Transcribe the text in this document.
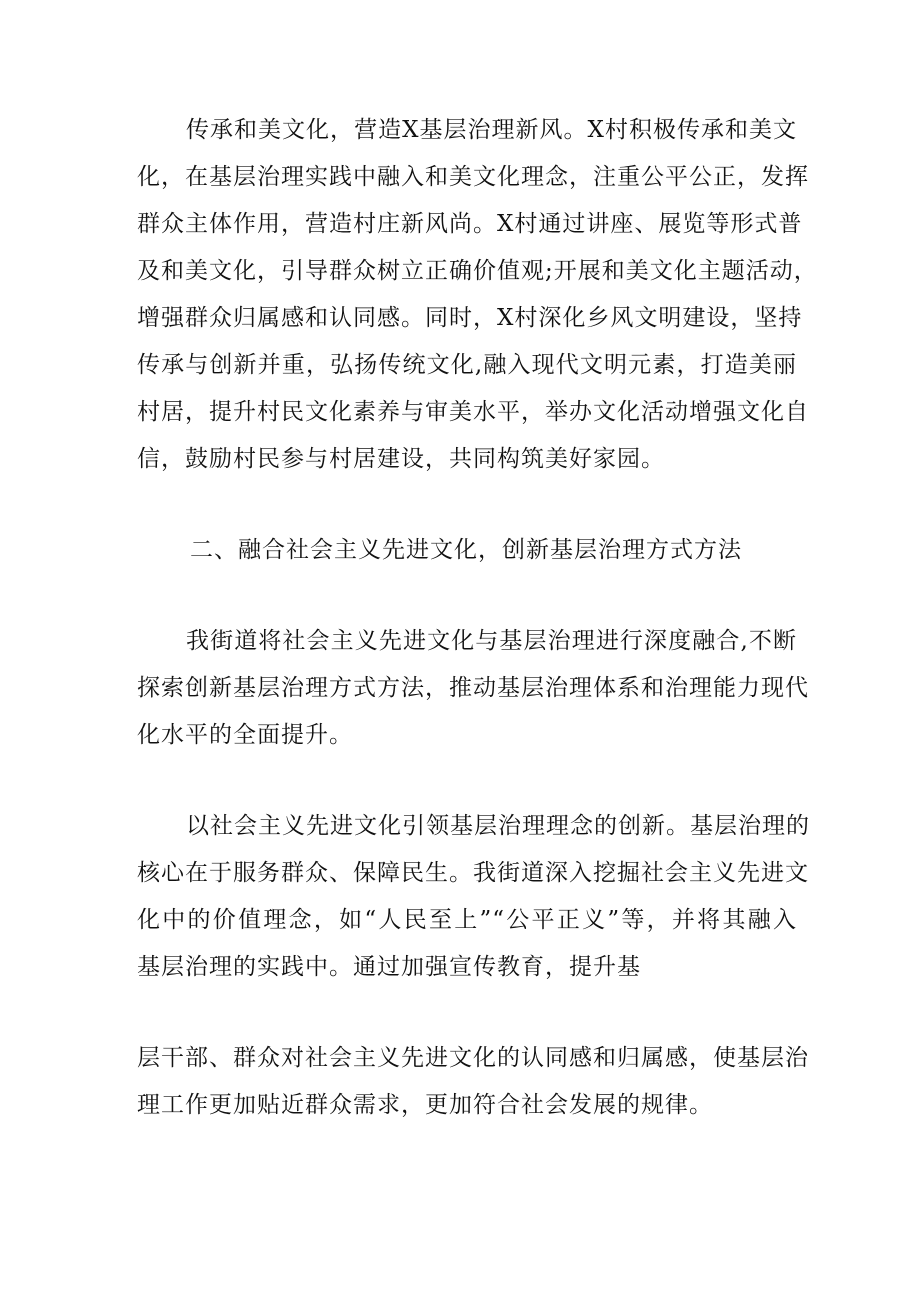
传承和美文化，营造X基层治理新风。X村积极传承和美文
化，在基层治理实践中融入和美文化理念，注重公平公正，发挥
群众主体作用，营造村庄新风尚。X村通过讲座、展览等形式普
及和美文化，引导群众树立正确价值观;开展和美文化主题活动，
增强群众归属感和认同感。同时，X村深化乡风文明建设，坚持
传承与创新并重，弘扬传统文化,融入现代文明元素，打造美丽
村居，提升村民文化素养与审美水平，举办文化活动增强文化自
信，鼓励村民参与村居建设，共同构筑美好家园。
二、融合社会主义先进文化，创新基层治理方式方法
我街道将社会主义先进文化与基层治理进行深度融合,不断
探索创新基层治理方式方法，推动基层治理体系和治理能力现代
化水平的全面提升。
以社会主义先进文化引领基层治理理念的创新。基层治理的
核心在于服务群众、保障民生。我街道深入挖掘社会主义先进文
化中的价值理念，如“人民至上”“公平正义”等，并将其融入
基层治理的实践中。通过加强宣传教育，提升基
层干部、群众对社会主义先进文化的认同感和归属感，使基层治
理工作更加贴近群众需求，更加符合社会发展的规律。
